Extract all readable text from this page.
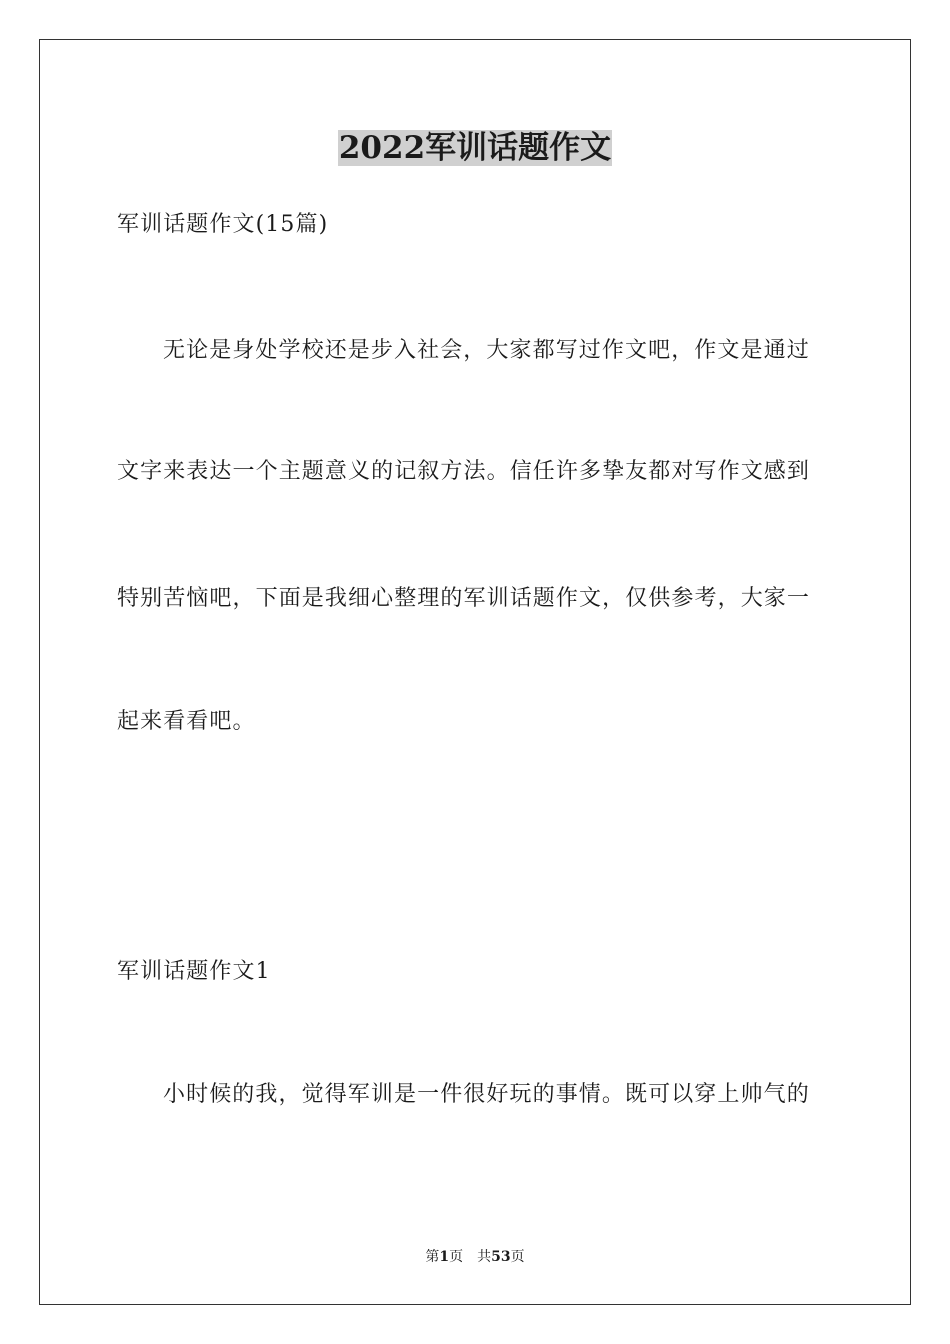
2022军训话题作文

军训话题作文(15篇)

无论是身处学校还是步入社会，大家都写过作文吧，作文是通过

文字来表达一个主题意义的记叙方法。信任许多挚友都对写作文感到

特别苦恼吧，下面是我细心整理的军训话题作文，仅供参考，大家一

起来看看吧。

军训话题作文1

小时候的我，觉得军训是一件很好玩的事情。既可以穿上帅气的

第1页 共53页
